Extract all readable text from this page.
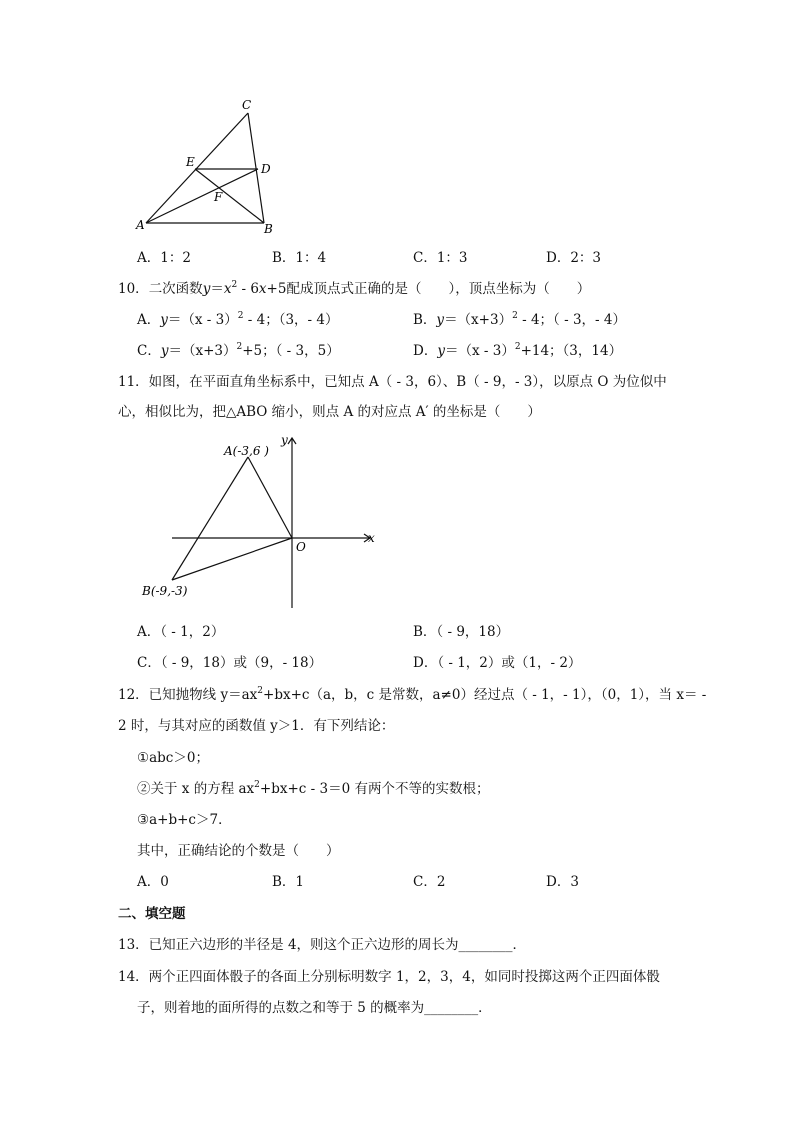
C
E	D
F
A	B
A．1：2	B．1：4	C．1：3	D．2：3
10．二次函数$y=x^2 - 6x+5$配成顶点式正确的是（　　），顶点坐标为（　　）
A．y＝（x - 3）$^2$ - 4；（3，- 4）	B．$y=(x+3)^2 - 4$；（ - 3，- 4）
C．$y=(x+3)^2+5$；（ - 3，5）	D．y＝（x - 3）$^2$+14；（3，14）
11．如图，在平面直角坐标系中，已知点 A（ - 3，6）、B（ - 9，- 3），以原点 O 为位似中
心，相似比为，把△ABO 缩小，则点 A 的对应点 A′ 的坐标是（　　）
A(-3,6 )
B(-9,-3)
O
x
y
A．（ - 1，2）	B．（ - 9，18）
C．（ - 9，18）或（9，- 18）	D．（ - 1，2）或（1，- 2）
12．已知抛物线 $y=ax^2+bx+c(a$，b，c 是常数，a≠0）经过点（ - 1，- 1），（0，1），当 x＝ -
2 时，与其对应的函数值 y＞1．有下列结论：
①abc＞0；
②关于 x 的方程 $ax^2+bx+c - 3=0$ 有两个不等的实数根；
③a+b+c＞7．
其中，正确结论的个数是（　　）
A．0	B．1	C．2	D．3
二、填空题
13．已知正六边形的半径是 4，则这个正六边形的周长为________．
14．两个正四面体骰子的各面上分别标明数字 1，2，3，4，如同时投掷这两个正四面体骰
子，则着地的面所得的点数之和等于 5 的概率为________．
